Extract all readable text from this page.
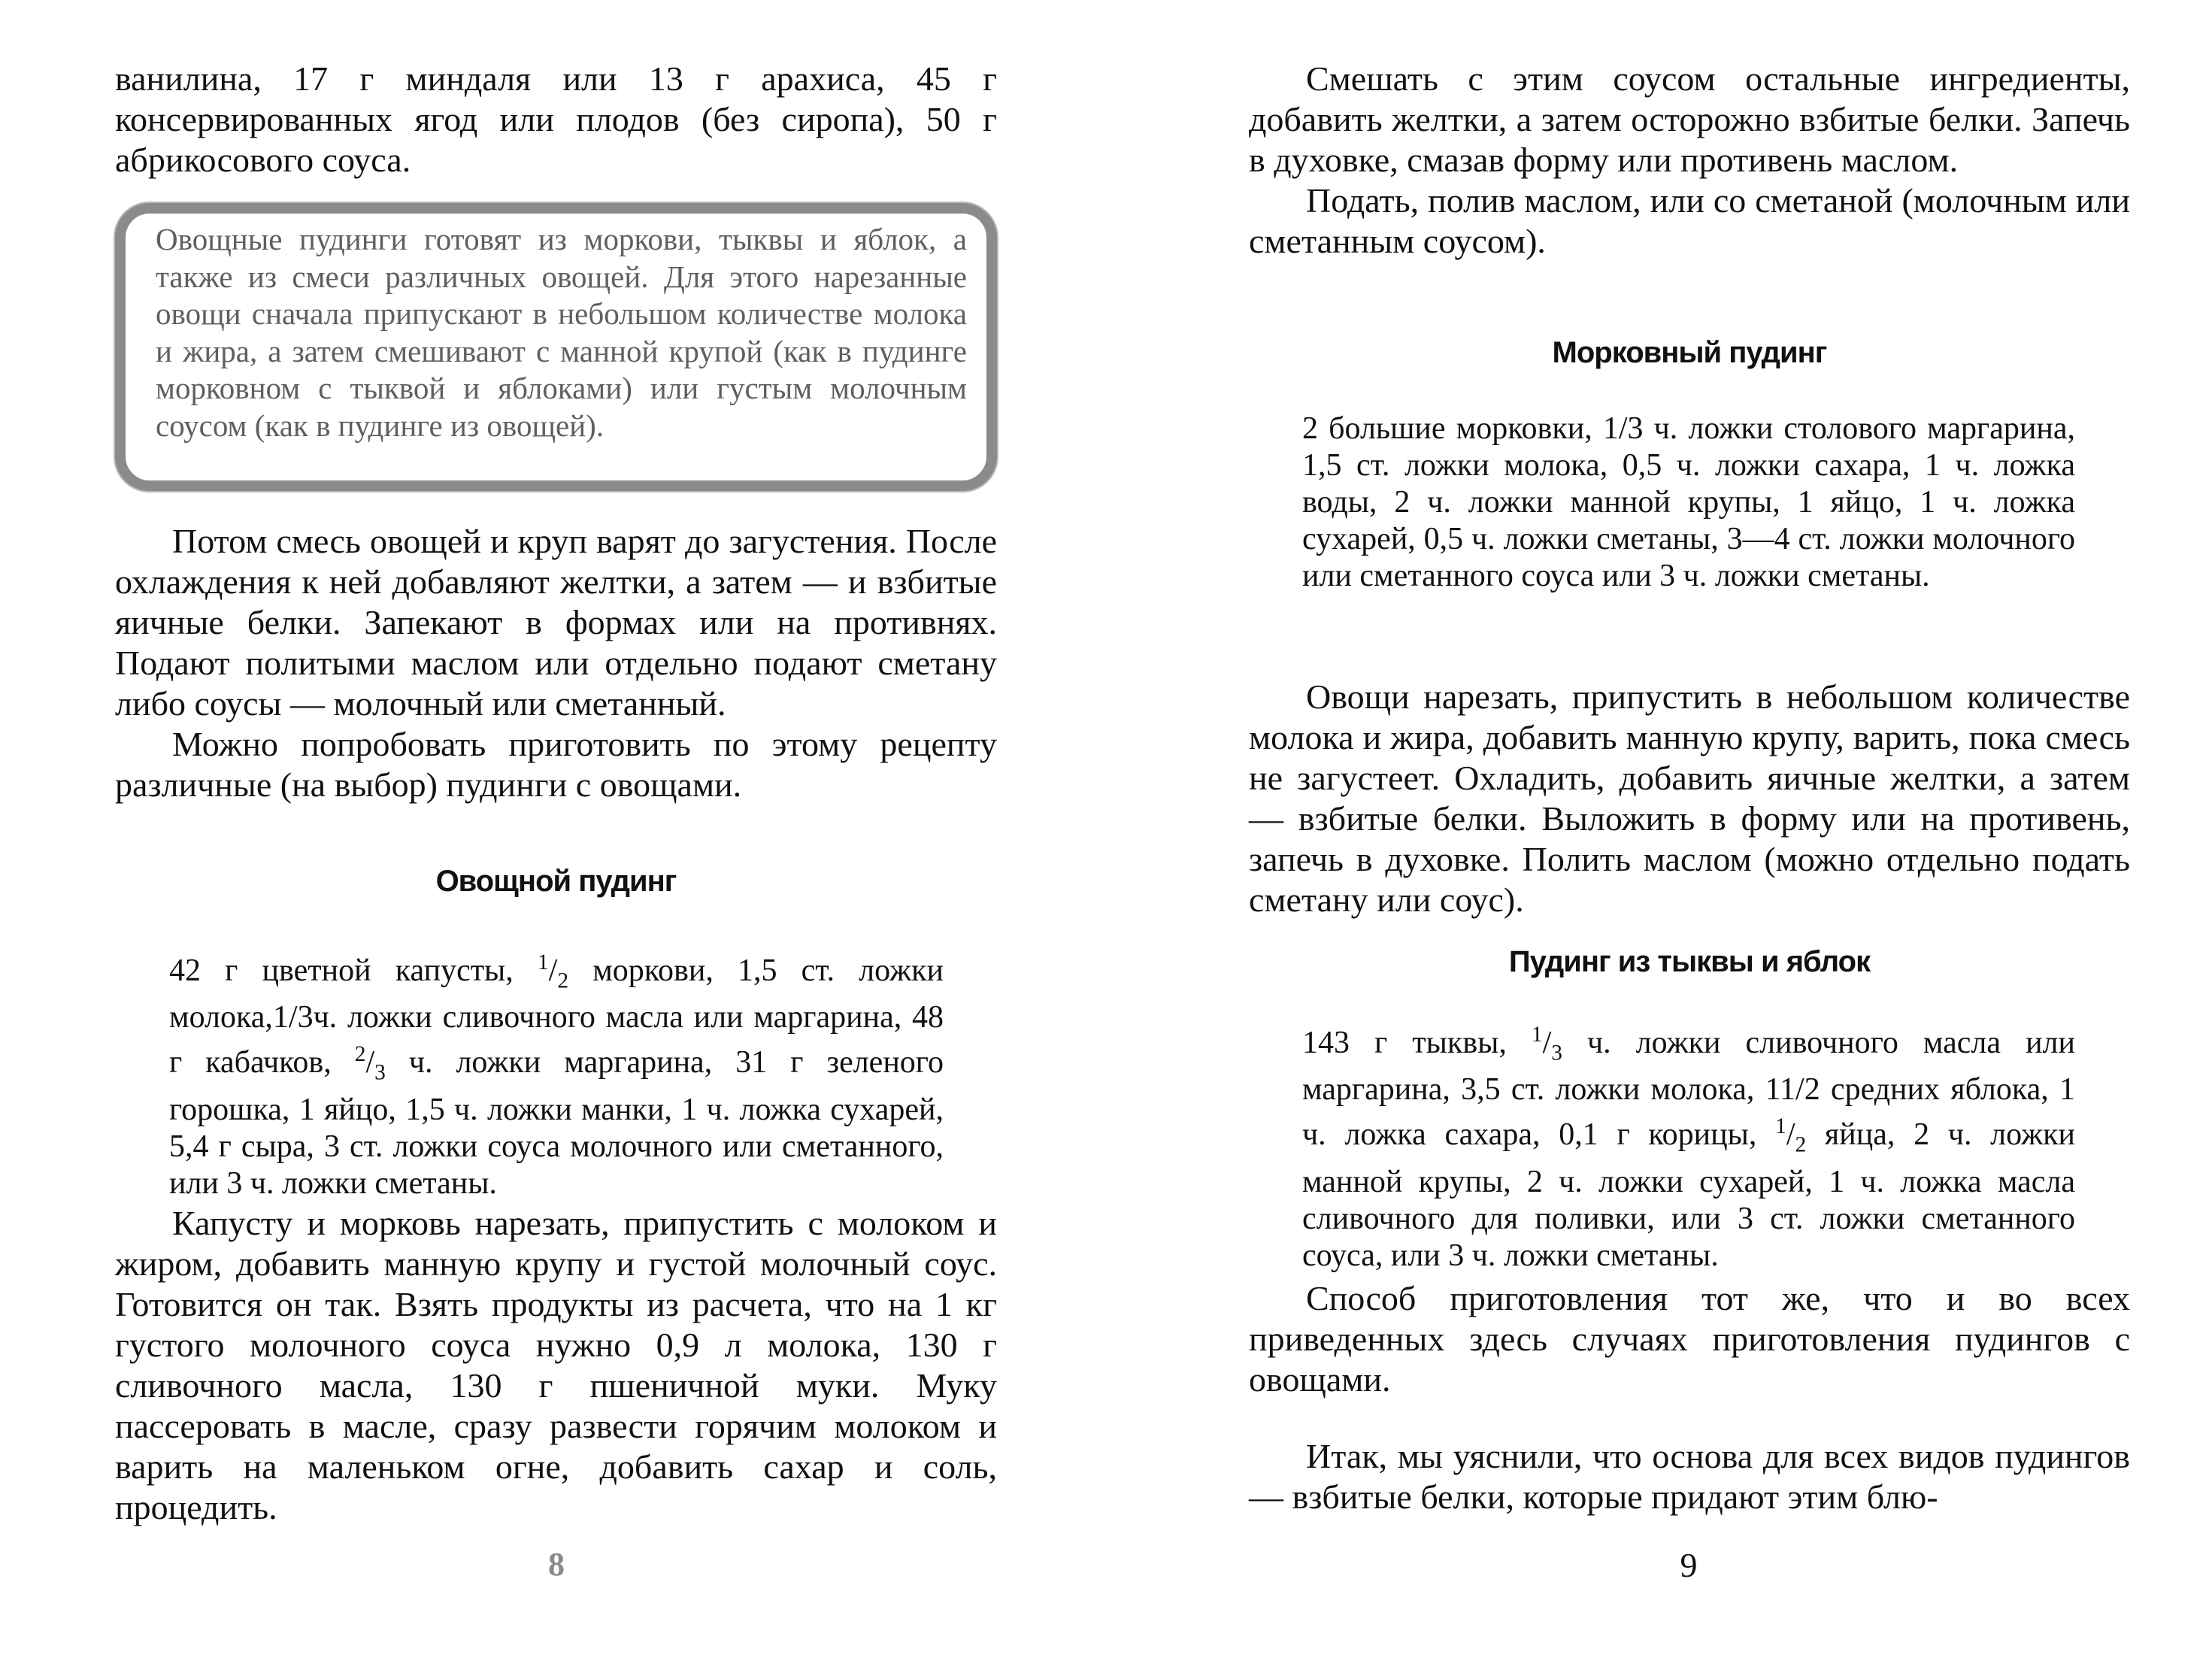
ванилина, 17 г миндаля или 13 г арахиса, 45 г консервированных ягод или плодов (без сиропа), 50 г абрикосового соуса.

Овощные пудинги готовят из моркови, тыквы и яблок, а также из смеси различных овощей. Для этого нарезанные овощи сначала припускают в небольшом количестве молока и жира, а затем смешивают с манной крупой (как в пудинге морковном с тыквой и яблоками) или густым молочным соусом (как в пудинге из овощей).

Потом смесь овощей и круп варят до загустения. После охлаждения к ней добавляют желтки, а затем — и взбитые яичные белки. Запекают в формах или на противнях. Подают политыми маслом или отдельно подают сметану либо соусы — молочный или сметанный.

Можно попробовать приготовить по этому рецепту различные (на выбор) пудинги с овощами.

Овощной пудинг

42 г цветной капусты, $^1/_2$ моркови, 1,5 ст. ложки молока,1/3ч. ложки сливочного масла или маргарина, 48 г кабачков, $^2/_3$ ч. ложки маргарина, 31 г зеленого горошка, 1 яйцо, 1,5 ч. ложки манки, 1 ч. ложка сухарей, 5,4 г сыра, 3 ст. ложки соуса молочного или сметанного, или 3 ч. ложки сметаны.

Капусту и морковь нарезать, припустить с молоком и жиром, добавить манную крупу и густой молочный соус. Готовится он так. Взять продукты из расчета, что на 1 кг густого молочного соуса нужно 0,9 л молока, 130 г сливочного масла, 130 г пшеничной муки. Муку пассеровать в масле, сразу развести горячим молоком и варить на маленьком огне, добавить сахар и соль, процедить.

8

Смешать с этим соусом остальные ингредиенты, добавить желтки, а затем осторожно взбитые белки. Запечь в духовке, смазав форму или противень маслом.

Подать, полив маслом, или со сметаной (молочным или сметанным соусом).

Морковный пудинг

2 большие морковки, 1/3 ч. ложки столового маргарина, 1,5 ст. ложки молока, 0,5 ч. ложки сахара, 1 ч. ложка воды, 2 ч. ложки манной крупы, 1 яйцо, 1 ч. ложка сухарей, 0,5 ч. ложки сметаны, 3—4 ст. ложки молочного или сметанного соуса или 3 ч. ложки сметаны.

Овощи нарезать, припустить в небольшом количестве молока и жира, добавить манную крупу, варить, пока смесь не загустеет. Охладить, добавить яичные желтки, а затем — взбитые белки. Выложить в форму или на противень, запечь в духовке. Полить маслом (можно отдельно подать сметану или соус).

Пудинг из тыквы и яблок

143 г тыквы, $^1/_3$ ч. ложки сливочного масла или маргарина, 3,5 ст. ложки молока, 11/2 средних яблока, 1 ч. ложка сахара, 0,1 г корицы, $^1/_2$ яйца, 2 ч. ложки манной крупы, 2 ч. ложки сухарей, 1 ч. ложка масла сливочного для поливки, или 3 ст. ложки сметанного соуса, или 3 ч. ложки сметаны.

Способ приготовления тот же, что и во всех приведенных здесь случаях приготовления пудингов с овощами.

Итак, мы уяснили, что основа для всех видов пудингов — взбитые белки, которые придают этим блю-

9
